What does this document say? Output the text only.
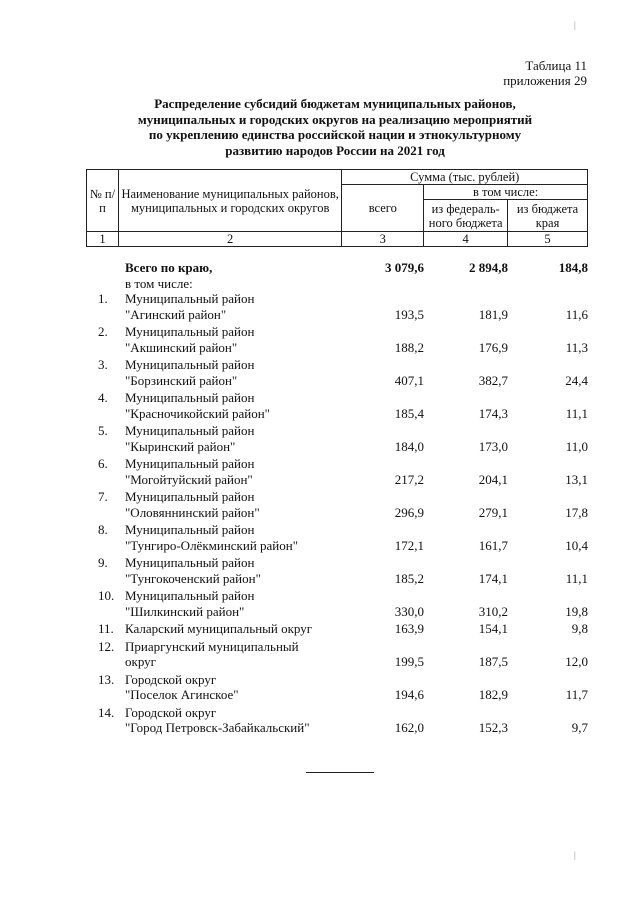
Таблица 11
приложения 29
Распределение субсидий бюджетам муниципальных районов,
муниципальных и городских округов на реализацию мероприятий
по укреплению единства российской нации и этнокультурному
развитию народов России на 2021 год
№ п/п	Наименование муниципальных районов, муниципальных и городских округов	Сумма (тыс. рублей)		
		всего	в том числе:	
			из федераль-ного бюджета	из бюджета края
1	2	3	4	5
	Всего по краю,	3 079,6	2 894,8	184,8
	в том числе:			
1.	Муниципальный район
"Агинский район"	193,5	181,9	11,6
2.	Муниципальный район
"Акшинский район"	188,2	176,9	11,3
3.	Муниципальный район
"Борзинский район"	407,1	382,7	24,4
4.	Муниципальный район
"Красночикойский район"	185,4	174,3	11,1
5.	Муниципальный район
"Кыринский район"	184,0	173,0	11,0
6.	Муниципальный район
"Могойтуйский район"	217,2	204,1	13,1
7.	Муниципальный район
"Оловяннинский район"	296,9	279,1	17,8
8.	Муниципальный район
"Тунгиро-Олёкминский район"	172,1	161,7	10,4
9.	Муниципальный район
"Тунгокоченский район"	185,2	174,1	11,1
10.	Муниципальный район
"Шилкинский район"	330,0	310,2	19,8
11.	Каларский муниципальный округ	163,9	154,1	9,8
12.	Приаргунский муниципальный
округ	199,5	187,5	12,0
13.	Городской округ
"Поселок Агинское"	194,6	182,9	11,7
14.	Городской округ
"Город Петровск-Забайкальский"	162,0	152,3	9,7
|
|
